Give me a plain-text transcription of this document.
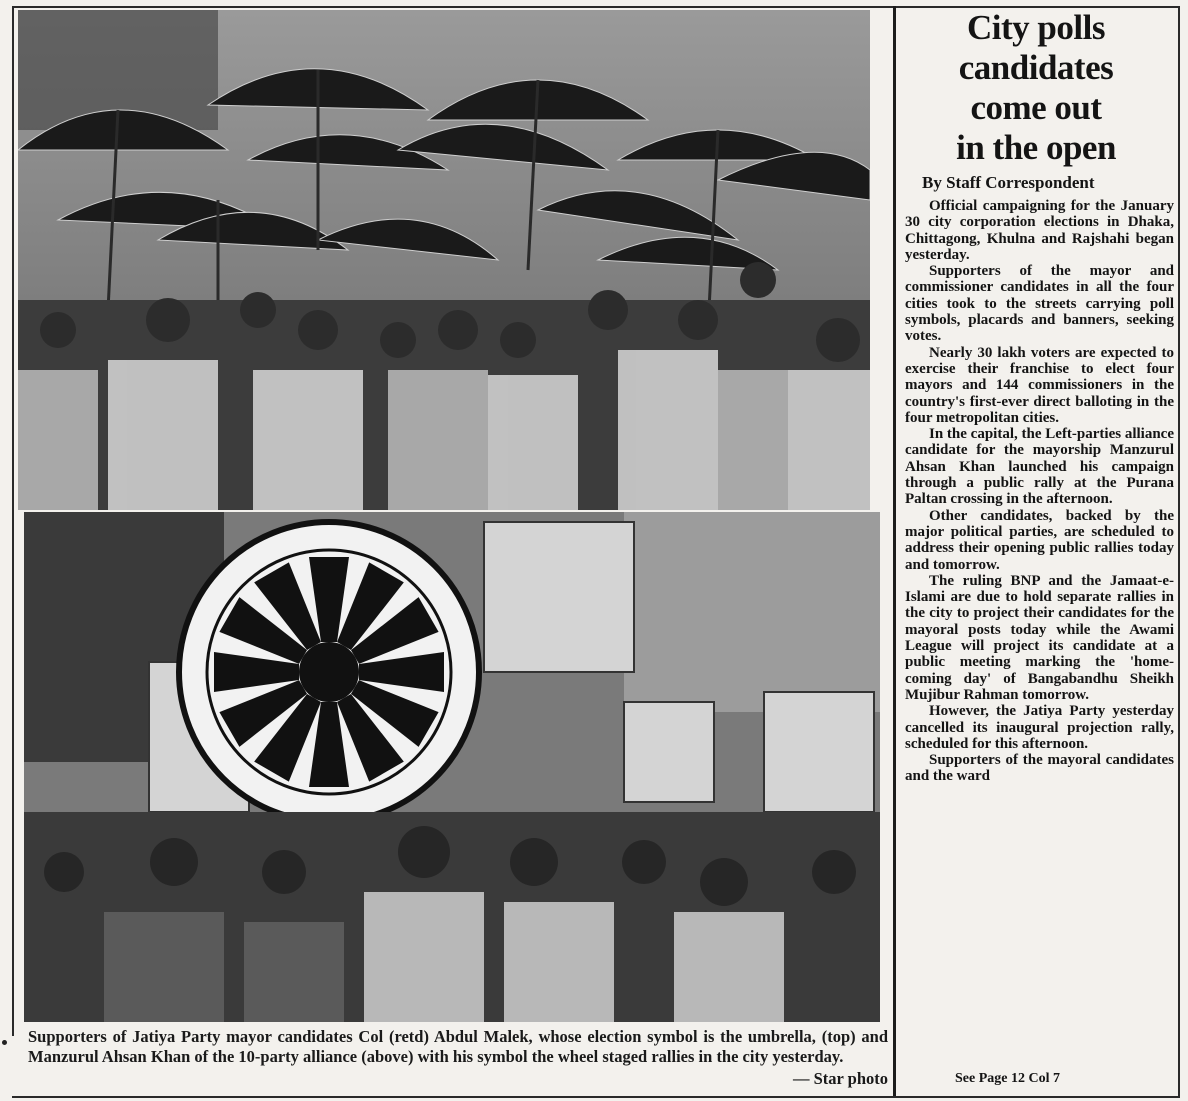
Supporters of Jatiya Party mayor candidates Col (retd) Abdul Malek, whose election symbol is the umbrella, (top) and Manzurul Ahsan Khan of the 10-party alliance (above) with his symbol the wheel staged rallies in the city yesterday.
— Star photo
City polls
candidates
come out
in the open
By Staff Correspondent

Official campaigning for the January 30 city corporation elections in Dhaka, Chittagong, Khulna and Rajshahi began yesterday.

Supporters of the mayor and commissioner candidates in all the four cities took to the streets carrying poll symbols, placards and banners, seeking votes.

Nearly 30 lakh voters are expected to exercise their franchise to elect four mayors and 144 commissioners in the country's first-ever direct balloting in the four metropolitan cities.

In the capital, the Left-parties alliance candidate for the mayorship Manzurul Ahsan Khan launched his campaign through a public rally at the Purana Paltan crossing in the afternoon.

Other candidates, backed by the major political parties, are scheduled to address their opening public rallies today and tomorrow.

The ruling BNP and the Jamaat-e-Islami are due to hold separate rallies in the city to project their candidates for the mayoral posts today while the Awami League will project its candidate at a public meeting marking the 'home-coming day' of Bangabandhu Sheikh Mujibur Rahman tomorrow.

However, the Jatiya Party yesterday cancelled its inaugural projection rally, scheduled for this afternoon.

Supporters of the mayoral candidates and the ward

See Page 12 Col 7
